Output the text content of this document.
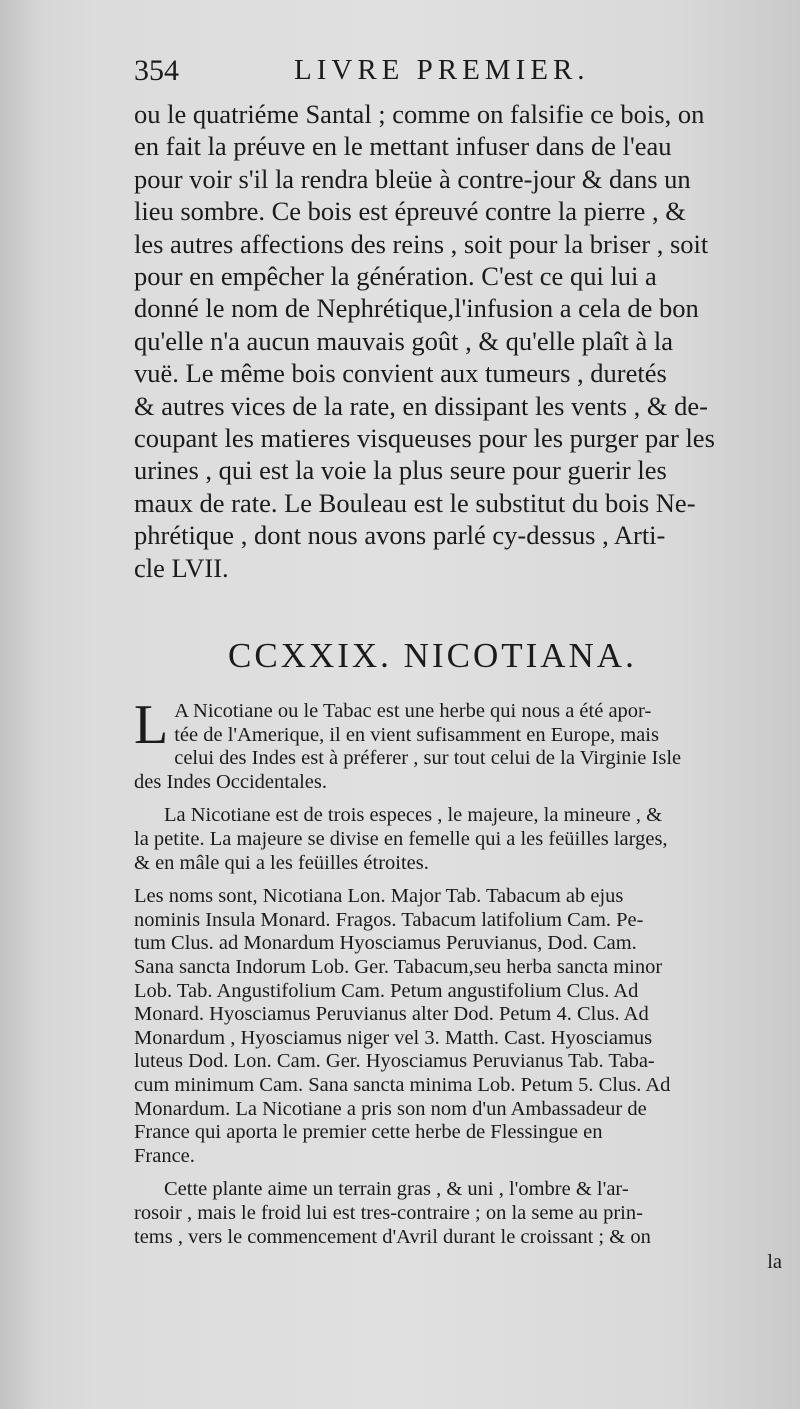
354	LIVRE PREMIER.

ou le quatriéme Santal ; comme on falsifie ce bois, on
en fait la préuve en le mettant infuser dans de l'eau
pour voir s'il la rendra bleüe à contre-jour & dans un
lieu sombre. Ce bois est épreuvé contre la pierre , &
les autres affections des reins , soit pour la briser , soit
pour en empêcher la génération. C'est ce qui lui a
donné le nom de Nephrétique,l'infusion a cela de bon
qu'elle n'a aucun mauvais goût , & qu'elle plaît à la
vuë. Le même bois convient aux tumeurs , duretés
& autres vices de la rate, en dissipant les vents , & de-
coupant les matieres visqueuses pour les purger par les
urines , qui est la voie la plus seure pour guerir les
maux de rate. Le Bouleau est le substitut du bois Ne-
phrétique , dont nous avons parlé cy-dessus , Arti-
cle LVII.

CCXXIX. NICOTIANA.
L A Nicotiane ou le Tabac est une herbe qui nous a été apor-
tée de l'Amerique, il en vient sufisamment en Europe, mais
celui des Indes est à préferer , sur tout celui de la Virginie Isle
des Indes Occidentales.
La Nicotiane est de trois especes , le majeure, la mineure , &
la petite. La majeure se divise en femelle qui a les feüilles larges,
& en mâle qui a les feüilles étroites.
Les noms sont, Nicotiana Lon. Major Tab. Tabacum ab ejus
nominis Insula Monard. Fragos. Tabacum latifolium Cam. Pe-
tum Clus. ad Monardum Hyosciamus Peruvianus, Dod. Cam.
Sana sancta Indorum Lob. Ger. Tabacum,seu herba sancta minor
Lob. Tab. Angustifolium Cam. Petum angustifolium Clus. Ad
Monard. Hyosciamus Peruvianus alter Dod. Petum 4. Clus. Ad
Monardum , Hyosciamus niger vel 3. Matth. Cast. Hyosciamus
luteus Dod. Lon. Cam. Ger. Hyosciamus Peruvianus Tab. Taba-
cum minimum Cam. Sana sancta minima Lob. Petum 5. Clus. Ad
Monardum. La Nicotiane a pris son nom d'un Ambassadeur de
France qui aporta le premier cette herbe de Flessingue en
France.
Cette plante aime un terrain gras , & uni , l'ombre & l'ar-
rosoir , mais le froid lui est tres-contraire ; on la seme au prin-
tems , vers le commencement d'Avril durant le croissant ; & on
la
